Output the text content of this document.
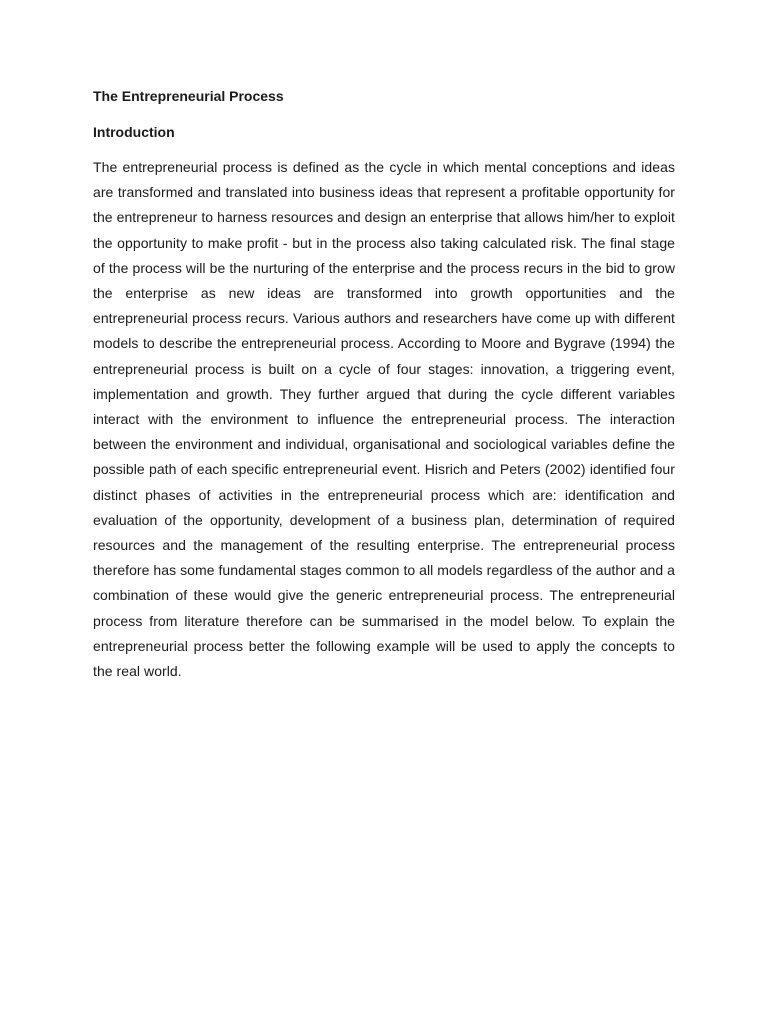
The Entrepreneurial Process
Introduction

The entrepreneurial process is defined as the cycle in which mental conceptions and ideas are transformed and translated into business ideas that represent a profitable opportunity for the entrepreneur to harness resources and design an enterprise that allows him/her to exploit the opportunity to make profit - but in the process also taking calculated risk. The final stage of the process will be the nurturing of the enterprise and the process recurs in the bid to grow the enterprise as new ideas are transformed into growth opportunities and the entrepreneurial process recurs. Various authors and researchers have come up with different models to describe the entrepreneurial process. According to Moore and Bygrave (1994) the entrepreneurial process is built on a cycle of four stages: innovation, a triggering event, implementation and growth. They further argued that during the cycle different variables interact with the environment to influence the entrepreneurial process. The interaction between the environment and individual, organisational and sociological variables define the possible path of each specific entrepreneurial event. Hisrich and Peters (2002) identified four distinct phases of activities in the entrepreneurial process which are: identification and evaluation of the opportunity, development of a business plan, determination of required resources and the management of the resulting enterprise. The entrepreneurial process therefore has some fundamental stages common to all models regardless of the author and a combination of these would give the generic entrepreneurial process. The entrepreneurial process from literature therefore can be summarised in the model below. To explain the entrepreneurial process better the following example will be used to apply the concepts to the real world.
